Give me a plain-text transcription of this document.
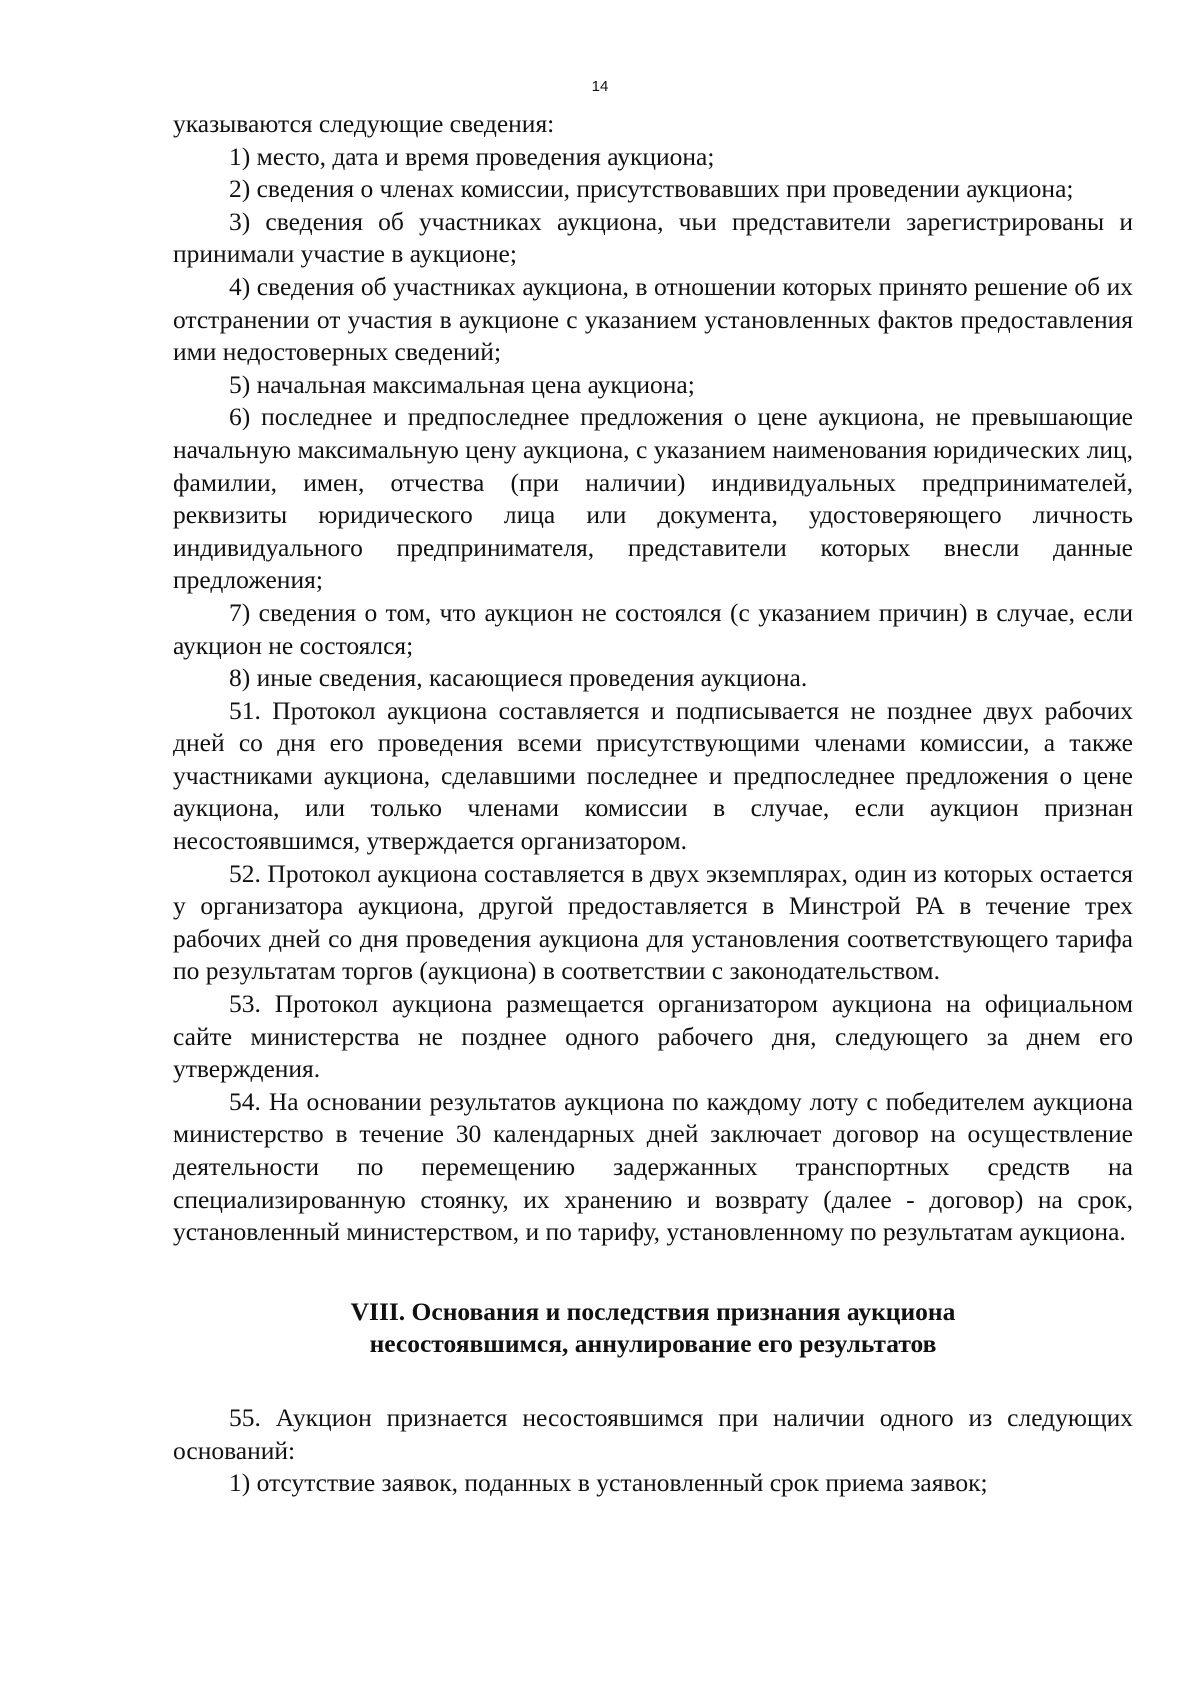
14

указываются следующие сведения:

1) место, дата и время проведения аукциона;

2) сведения о членах комиссии, присутствовавших при проведении аукциона;

3) сведения об участниках аукциона, чьи представители зарегистрированы и принимали участие в аукционе;

4) сведения об участниках аукциона, в отношении которых принято решение об их отстранении от участия в аукционе с указанием установленных фактов предоставления ими недостоверных сведений;

5) начальная максимальная цена аукциона;

6) последнее и предпоследнее предложения о цене аукциона, не превышающие начальную максимальную цену аукциона, с указанием наименования юридических лиц, фамилии, имен, отчества (при наличии) индивидуальных предпринимателей, реквизиты юридического лица или документа, удостоверяющего личность индивидуального предпринимателя, представители которых внесли данные предложения;

7) сведения о том, что аукцион не состоялся (с указанием причин) в случае, если аукцион не состоялся;

8) иные сведения, касающиеся проведения аукциона.

51. Протокол аукциона составляется и подписывается не позднее двух рабочих дней со дня его проведения всеми присутствующими членами комиссии, а также участниками аукциона, сделавшими последнее и предпоследнее предложения о цене аукциона, или только членами комиссии в случае, если аукцион признан несостоявшимся, утверждается организатором.

52. Протокол аукциона составляется в двух экземплярах, один из которых остается у организатора аукциона, другой предоставляется в Минстрой РА в течение трех рабочих дней со дня проведения аукциона для установления соответствующего тарифа по результатам торгов (аукциона) в соответствии с законодательством.

53. Протокол аукциона размещается организатором аукциона на официальном сайте министерства не позднее одного рабочего дня, следующего за днем его утверждения.

54. На основании результатов аукциона по каждому лоту с победителем аукциона министерство в течение 30 календарных дней заключает договор на осуществление деятельности по перемещению задержанных транспортных средств на специализированную стоянку, их хранению и возврату (далее - договор) на срок, установленный министерством, и по тарифу, установленному по результатам аукциона.

VIII. Основания и последствия признания аукциона
несостоявшимся, аннулирование его результатов

55. Аукцион признается несостоявшимся при наличии одного из следующих оснований:

1) отсутствие заявок, поданных в установленный срок приема заявок;
